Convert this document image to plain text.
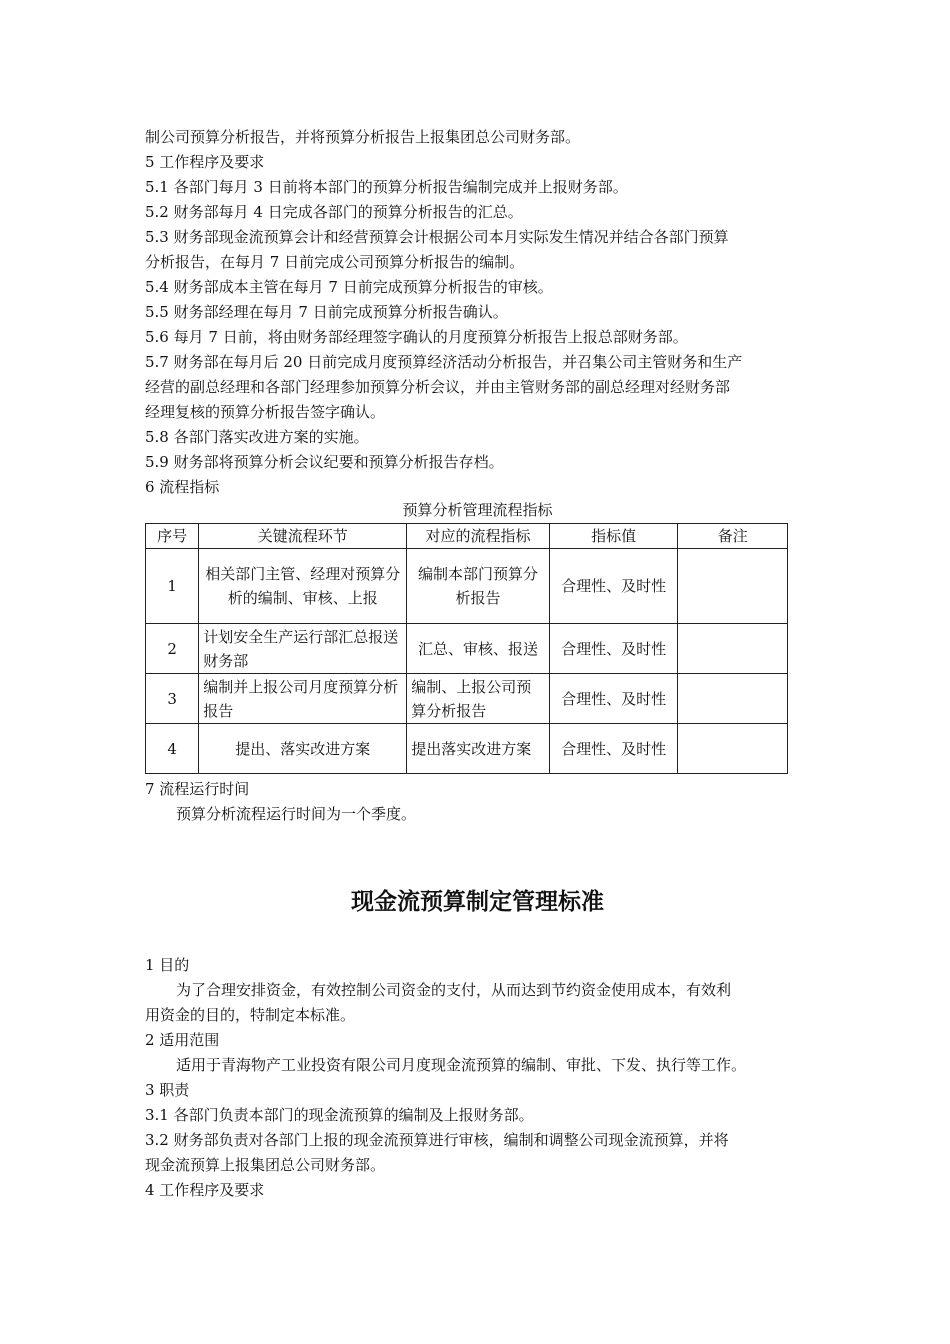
制公司预算分析报告，并将预算分析报告上报集团总公司财务部。
5 工作程序及要求
5.1 各部门每月 3 日前将本部门的预算分析报告编制完成并上报财务部。
5.2 财务部每月 4 日完成各部门的预算分析报告的汇总。
5.3 财务部现金流预算会计和经营预算会计根据公司本月实际发生情况并结合各部门预算
分析报告，在每月 7 日前完成公司预算分析报告的编制。
5.4 财务部成本主管在每月 7 日前完成预算分析报告的审核。
5.5 财务部经理在每月 7 日前完成预算分析报告确认。
5.6 每月 7 日前，将由财务部经理签字确认的月度预算分析报告上报总部财务部。
5.7 财务部在每月后 20 日前完成月度预算经济活动分析报告，并召集公司主管财务和生产
经营的副总经理和各部门经理参加预算分析会议，并由主管财务部的副总经理对经财务部
经理复核的预算分析报告签字确认。
5.8 各部门落实改进方案的实施。
5.9 财务部将预算分析会议纪要和预算分析报告存档。
6 流程指标
预算分析管理流程指标
序号	关键流程环节	对应的流程指标	指标值	备注
1	相关部门主管、经理对预算分析的编制、审核、上报	编制本部门预算分析报告	合理性、及时性	
2	计划安全生产运行部汇总报送财务部	汇总、审核、报送	合理性、及时性	
3	编制并上报公司月度预算分析报告	编制、上报公司预算分析报告	合理性、及时性	
4	提出、落实改进方案	提出落实改进方案	合理性、及时性	
7 流程运行时间
预算分析流程运行时间为一个季度。
现金流预算制定管理标准
1 目的
为了合理安排资金，有效控制公司资金的支付，从而达到节约资金使用成本，有效利
用资金的目的，特制定本标准。
2 适用范围
适用于青海物产工业投资有限公司月度现金流预算的编制、审批、下发、执行等工作。
3 职责
3.1 各部门负责本部门的现金流预算的编制及上报财务部。
3.2 财务部负责对各部门上报的现金流预算进行审核，编制和调整公司现金流预算，并将
现金流预算上报集团总公司财务部。
4 工作程序及要求
